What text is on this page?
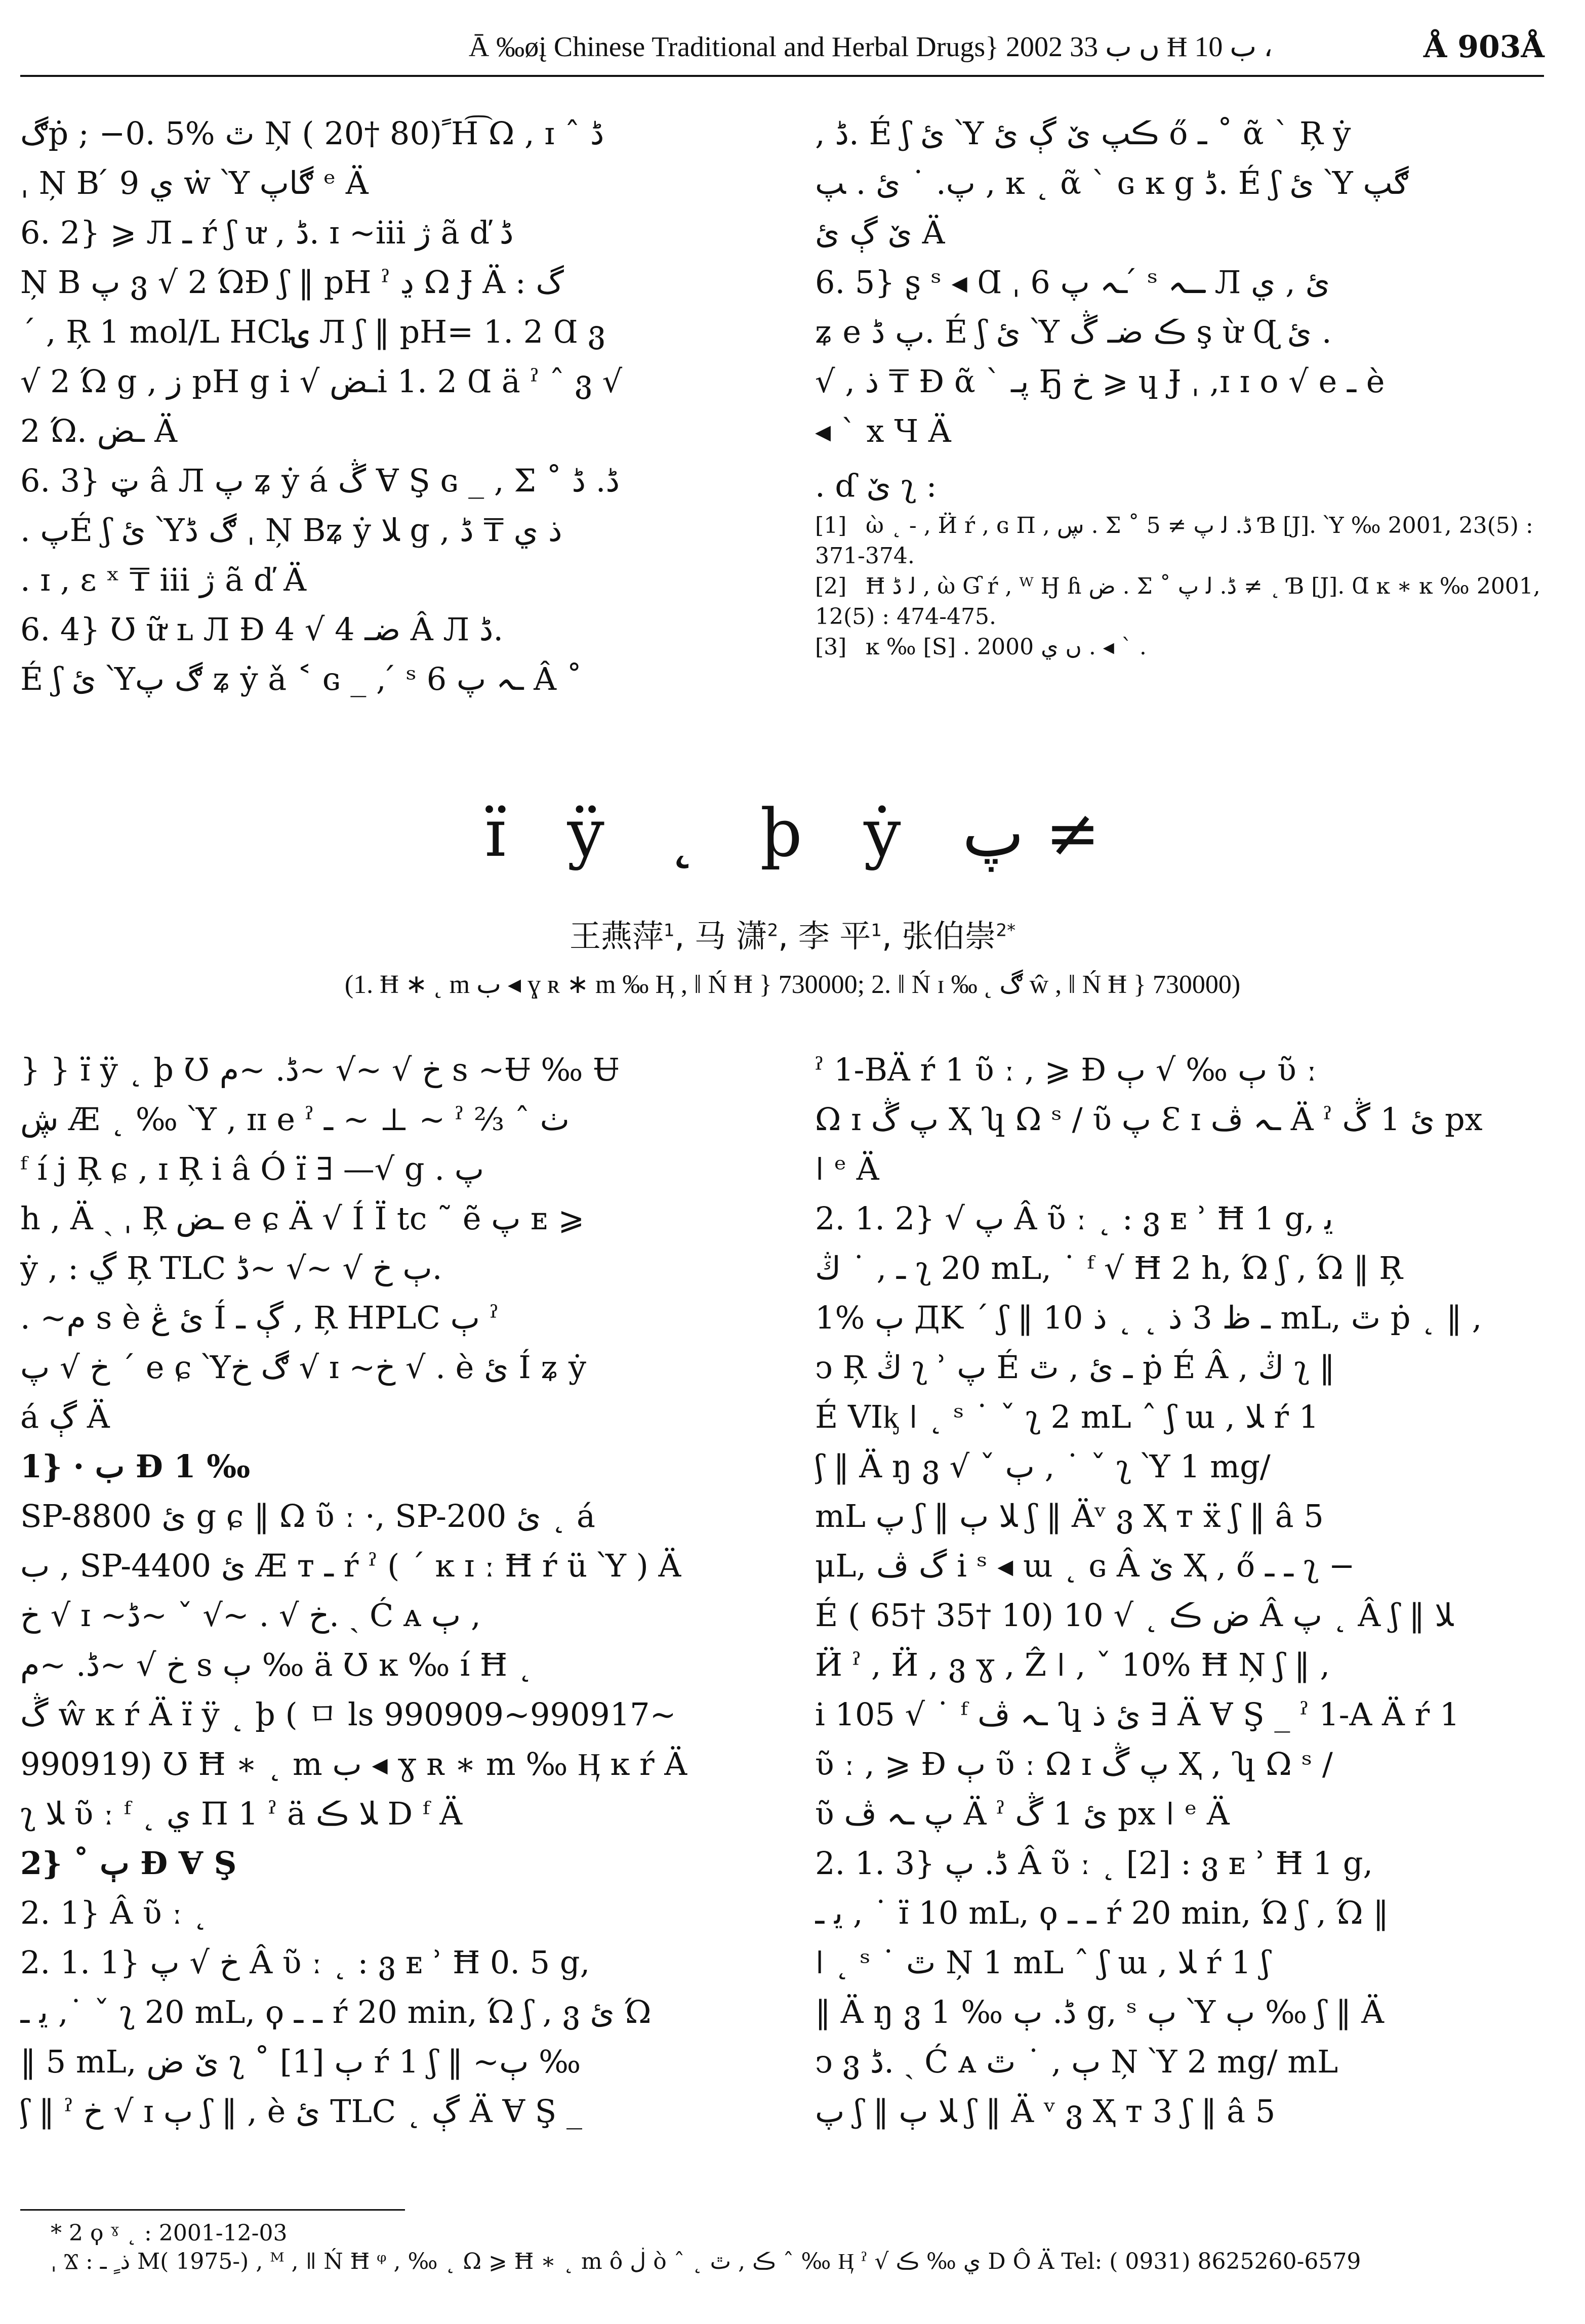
Ā ‰øį Chinese Traditional and Herbal Drugs} 2002 ں ب 33 Ħ ب 10 ،	Å 903Å

ڰṗ ; −0. 5% ٿ Ņ ( 20† 80) ًH͡ Ω , ɪ ˆ ڈ

ˌ Ņ B ́ 9 ي ẇ Ὺ ڰاپ ᵉ Ä

6. 2} ⩾ Л ـ ŕ ʃ ư , ڈ. ɪ ~iii ژ ã ď ڈ

Ņ B پ ვ √ 2 ΏƉ ʃ ‖ pH ˀ ڍ Ω Ɉ Ä : گ

ˊ , Ŗ 1 mol/L HClۍ Л ʃ ‖ pH= 1. 2 Ɑ ვ

√ 2 Ώ g , ز pH g i √ ـضi 1. 2 Ɑ ä ˀ ˆ ვ √

2 Ώ. ـض Ä

6. 3} ټ â Л پ ʑ ẏ á ڴ Ɐ Ş ɢ _ , Σ ˚ ڈ. ڈ

. پÉ ʃ ئ Ὺڰ ڈ ˌ Ņ Bʑ ẏ ﻼ g , ذ ي ₸ ڈ

. ɪ , ɛ ˣ ₸ iii ژ ã ď Ä

6. 4} Ʊ ữ ʟ Л Ɖ 4 √ ضـ 4 Â Л ڈ.

É ʃ ئ Ὺڰ پ ʑ ẏ ǎ ˂ ɢ _ , ́ ˢ ـہ پ 6 Â ˚

, ڈ. É ʃ ئ Ὺ ڪپ ێ ڳ ئ ő ـ ˚ ᾶ ˋ Ŗ ẏ

پ. ˙ ئ . ﭗ , ĸ ˛ ᾶ ˋ ɢ ĸ g ڈ. É ʃ ئ Ὺ ڰپ

ێ ڳ ئ Ä

6. 5} ʂ ˢ ◂ Ɑ ˌ ـہ پ 6 ́ ˢ ـہ Л ئ , ي

ʑ e پ ڈ. É ʃ ئ Ὺ ڪ ضـ ڴ ş ừ Ɋ ئ .

√ , ذ ₸ Ɖ ᾶ ˋ پـ Ҕ خ ⩾ ɥ Ɉ ˌ ,ɪ ɪ o √ e ـ è

◂ ˋ x Ɥ Ä

. ɗ ێ ʅ :

[1] ὼ ˛ - , Ӥ ŕ , ɢ Π , ڛ . Σ ˚ ڈ. ﻟ پ ≠ 5 Ɓ [J]. Ὺ ‰ 2001, 23(5) : 371-374.
[2] Ħ ﻟ ڈ , ὼ Ɠ ŕ , ᵂ Ӈ ɦ ض . Σ ˚ ڈ. ﻟ پ ≠ ˛ Ɓ [J]. Ɑ ĸ ∗ ĸ ‰ 2001, 12(5) : 474-475.
[3] ĸ ‰ [S] . 2000 ں ي . ◂ ˋ .
ɪ̈ ÿ ˛ þ ẏ پ ≠
王燕萍$^1$, 马 潇$^2$, 李 平$^1$, 张伯崇$^{2*}$
(1. Ħ ∗ ˛ m ب ◂ ɣ ʀ ∗ m ‰ Ӊ , ǁ Ń Ħ } 730000; 2. ǁ Ń ɪ ‰ ˛ ڰ ŵ , ǁ Ń Ħ } 730000)

} } ɪ̈ ÿ ˛ þ Ʊ خ √ ~√ ~ڈ. ~م s ~Ʉ ‰ Ʉ

ڜ Æ ˛ ‰ Ὺ , ɪɪ e ˀ ـ ~ ⊥ ~ ˀ ⅔ ˆ ٺ

ᶠ í j Ŗ ɕ , ɪ Ŗ i â Ó ɪ̈ ∃ —√ g . پ

h , Ä ˎ ˌ Ŗ ـض e ɕ Ä √ Í Ï tc ˜ ẽ پ ᴇ ⩾

ẏ , : ڲ Ŗ TLC ٻ خ √ ~√ ~ڈ.

. ~م s è ئ ڠ Í ڳ ـ , Ŗ HPLC ٻ ˀ

خ √ پ ˊ e ɕ Ὺڰ خ √ ɪ ~خ √ . è ئ Í ʑ ẏ

á ڳ Ä

1} · ب Ɖ 1 ‰

SP-8800 ئ g ɕ ‖ Ω ῦ ː ·, SP-200 ئ ˛ á

ب , SP-4400 ئ Æ ᴛ ـ ŕ ˀ ( ˊ ĸ ɪ ː Ħ ŕ ü Ὺ ) Ä

خ √ ɪ ~خ √ . ~√ ˇ ~ڈ. ˎ Ć ᴀ ٻ ,

خ √ ~ڈ. ~م s ٻ ‰ ä Ʊ ĸ ‰ í Ħ ˛

ڴ ŵ ĸ ŕ Ä ɪ̈ ÿ ˛ þ ( ㅁ ls 990909~990917~

990919) Ʊ Ħ ∗ ˛ m ب ◂ ɣ ʀ ∗ m ‰ Ӊ ĸ ŕ Ä

ʅ ﻼ ῦ ː ᶠ ˛ ي Π 1 ˀ ä ﻼ ڪ D ᶠ Ä

2} ˚ ٻ Ɖ Ɐ Ş

2. 1} Â ῦ ː ˛

2. 1. 1} خ √ پ Â ῦ ː ˛ : ვ ᴇ ʾ Ħ 0. 5 g,

ﻳ ـ ,˙ ˇ ʅ 20 mL, ϙ ـ ـ ŕ 20 min, Ώ ʃ , ვ ئ Ώ

‖ 5 mL, ێ ض ʅ ˚ ٻ [1] ŕ 1 ʃ ‖ ~ٻ ‰

ʃ ‖ ˀ خ √ ɪ ٻ ʃ ‖ , è ئ TLC ˛ ڳ Ä Ɐ Ş _

ˀ 1-BÄ ŕ 1 ῦ ː , ⩾ Ɖ ٻ ‰ √ ٻ ῦ ː

Ω ɪ پ ڴ Ҳ ʮ Ω ˢ / ῦ پ Ɛ ɪ ـہ ڤ Ä ˀ ئ 1 ڴ px

ǀ ᵉ Ä

2. 1. 2} √ پ Â ῦ ː ˛ : ვ ᴇ ʾ Ħ 1 g, ﻳ

ـ , ˙ ڭ ʅ 20 mL, ˙ ᶠ √ Ħ 2 h, Ώ ʃ , Ώ ‖ Ŗ

1% ٻ ДK ˊ ʃ ‖ ـ ظ 3 ذ ˛ ˛ ذ 10 mL, ٿ ṗ ˛ ‖ ,

ↄ Ŗ ڭ ʅ ʾ پ É ـ ئ , ٿ ṗ É Â , ڭ ʅ ‖

É VIᶄ ǀ ˛ ˢ ˙ ˇ ʅ 2 mL ˆ ʃ ɯ , ﻼ ŕ 1

ʃ ‖ Ä ŋ ვ √ ˇ ٻ , ˙ ˇ ʅ Ὺ 1 mg/

mL پ ʃ ‖ ﻼ ٻ ʃ ‖ Äᵛ ვ Ҳ ᴛ ẍ ʃ ‖ â 5

μL, گ ڤ i ˢ ◂ ɯ ˛ ɢ Â ێ Ҳ , ő ـ ـ ʅ −

É ( 65† 35† 10) 10 √ ˛ ض ڪ Â پ ˛ Â ʃ ‖ ﻼ

Ӥ ˀ , Ӥ , ვ ɣ , Ẑ ǀ , ˇ 10% Ħ Ņ ʃ ‖ ,

i 105 √ ˙ ᶠ ـہ ڤ ʮ ئ ذ ∃ Ä Ɐ Ş _ ˀ 1-A Ä ŕ 1

ῦ ː , ⩾ Ɖ ٻ ῦ ː Ω ɪ پ ڴ Ҳ , ʮ Ω ˢ /

ῦ پ ـہ ڤ Ä ˀ ئ 1 ڴ px ǀ ᵉ Ä

2. 1. 3} ڈ. پ Â ῦ ː ˛ [2] : ვ ᴇ ʾ Ħ 1 g,

ﻳ ـ , ˙ ɪ̈ 10 mL, ϙ ـ ـ ŕ 20 min, Ώ ʃ , Ώ ‖

ǀ ˛ ˢ ˙ ٿ Ņ 1 mL ˆ ʃ ɯ , ﻼ ŕ 1 ʃ

‖ Ä ŋ ვ ڈ. ٻ ‰ 1 g, ˢ ٻ Ὺ ٻ ‰ ʃ ‖ Ä

ↄ ვ ڈ. ˎ Ć ᴀ ٻ , ˙ ٿ Ņ Ὺ 2 mg/ mL

پ ʃ ‖ ﻼ ٻ ʃ ‖ Ä ᵛ ვ Ҳ ᴛ 3 ʃ ‖ â 5

* 2 ϙ ˠ ˛ : 2001-12-03

ˌ Ϫ : ﺫ ٍ ـ M( 1975-) , ᴹ , ǁ Ń Ħ ᵠ , ‰ ˛ Ω ⩾ Ħ ∗ ˛ m ô ڶ ò ˆ ˛ ڪ , ٿ ˆ ‰ Ӊ ˀ √ ي ‰ ڪ D Ô Ä Tel: ( 0931) 8625260-6579
